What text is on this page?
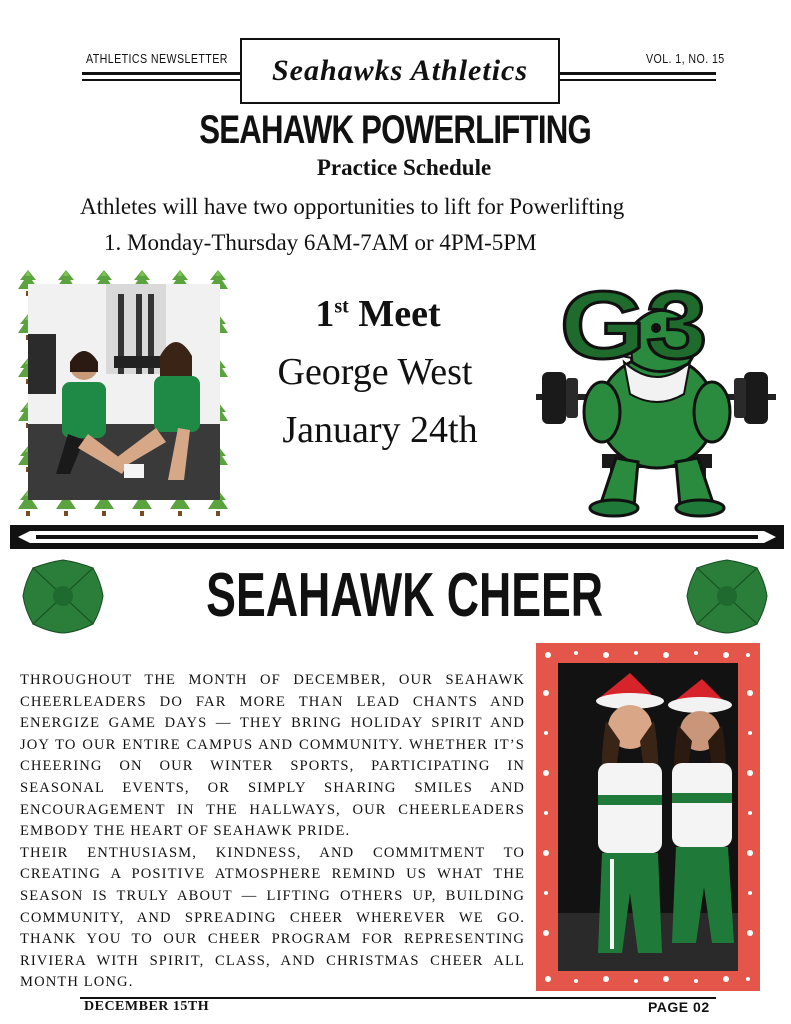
ATHLETICS NEWSLETTER	VOL. 1, NO. 15
Seahawks Athletics
SEAHAWK POWERLIFTING
Practice Schedule
Athletes will have two opportunities to lift for Powerlifting
1. Monday-Thursday 6AM-7AM or 4PM-5PM
1st Meet
George West
January 24th
G3
SEAHAWK CHEER

THROUGHOUT THE MONTH OF DECEMBER, OUR SEAHAWK CHEERLEADERS DO FAR MORE THAN LEAD CHANTS AND ENERGIZE GAME DAYS — THEY BRING HOLIDAY SPIRIT AND JOY TO OUR ENTIRE CAMPUS AND COMMUNITY. WHETHER IT’S CHEERING ON OUR WINTER SPORTS, PARTICIPATING IN SEASONAL EVENTS, OR SIMPLY SHARING SMILES AND ENCOURAGEMENT IN THE HALLWAYS, OUR CHEERLEADERS EMBODY THE HEART OF SEAHAWK PRIDE.

THEIR ENTHUSIASM, KINDNESS, AND COMMITMENT TO CREATING A POSITIVE ATMOSPHERE REMIND US WHAT THE SEASON IS TRULY ABOUT — LIFTING OTHERS UP, BUILDING COMMUNITY, AND SPREADING CHEER WHEREVER WE GO. THANK YOU TO OUR CHEER PROGRAM FOR REPRESENTING RIVIERA WITH SPIRIT, CLASS, AND CHRISTMAS CHEER ALL MONTH LONG.

DECEMBER 15TH	PAGE 02
